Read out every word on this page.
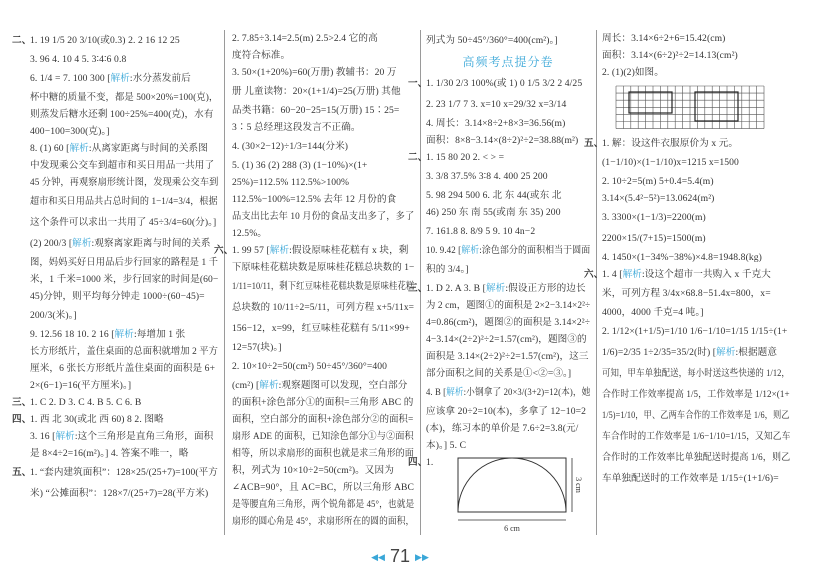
二、1. 19 1/5 20 3/10(或0.3) 2. 2 16 12 25
3. 96 4. 10 4 5. 3∶4∶6 0.8
6. 1/4 = 7. 100 300 [解析:水分蒸发前后
杯中糖的质量不变，都是 500×20%=100(克)，
则蒸发后糖水还剩 100÷25%=400(克)，水有
400−100=300(克)。]
8. (1) 60 [解析:从离家距离与时间的关系图
中发现乘公交车到超市和买日用品一共用了
45 分钟，再观察扇形统计图，发现乘公交车到
超市和买日用品共占总时间的 1−1/4=3/4，根据
这个条件可以求出一共用了 45÷3/4=60(分)。]
(2) 200/3 [解析:观察离家距离与时间的关系
图，妈妈买好日用品后步行回家的路程是 1 千
米，1 千米=1000 米，步行回家的时间是(60−
45)分钟，则平均每分钟走 1000÷(60−45)=
200/3(米)。]
9. 12.56 18 10. 2 16 [解析:每增加 1 张
长方形纸片，盖住桌面的总面积就增加 2 平方
厘米，6 张长方形纸片盖住桌面的面积是 6+
2×(6−1)=16(平方厘米)。]
三、1. C 2. D 3. C 4. B 5. C 6. B
四、1. 西 北 30(或北 西 60) 8 2. 图略
3. 16 [解析:这个三角形是直角三角形，面积
是 8×4÷2=16(m²)。] 4. 答案不唯一，略
五、1. “套内建筑面积”：128×25/(25+7)=100(平方
米) “公摊面积”：128×7/(25+7)=28(平方米)
2. 7.85÷3.14=2.5(m) 2.5>2.4 它的高
度符合标准。
3. 50×(1+20%)=60(万册) 教辅书：20 万
册 儿童读物：20×(1+1/4)=25(万册) 其他
品类书籍：60−20−25=15(万册) 15∶25=
3∶5 总经理这段发言不正确。
4. (30×2−12)÷1/3=144(分米)
5. (1) 36 (2) 288 (3) (1−10%)×(1+
25%)=112.5% 112.5%>100%
112.5%−100%=12.5% 去年 12 月份的食
品支出比去年 10 月份的食品支出多了，多了
12.5%。
六、1. 99 57 [解析:假设原味桂花糕有 x 块，剩
下原味桂花糕块数是原味桂花糕总块数的 1−
1/11=10/11，剩下红豆味桂花糕块数是原味桂花糕
总块数的 10/11÷2=5/11，可列方程 x+5/11x=
156−12，x=99，红豆味桂花糕有 5/11×99+
12=57(块)。]
2. 10×10÷2=50(cm²) 50÷45°/360°=400
(cm²) [解析:观察题图可以发现，空白部分
的面积+涂色部分①的面积=三角形 ABC 的
面积，空白部分的面积+涂色部分②的面积=
扇形 ADE 的面积，已知涂色部分①与②面积
相等，所以求扇形的面积也就是求三角形的面
积，列式为 10×10÷2=50(cm²)。又因为
∠ACB=90°，且 AC=BC，所以三角形 ABC
是等腰直角三角形，两个锐角都是 45°，也就是
扇形的圆心角是 45°，求扇形所在的圆的面积，
列式为 50÷45°/360°=400(cm²)。]
高频考点提分卷
一、1. 1/30 2/3 100%(或 1) 0 1/5 3/2 2 4/25
2. 23 1/7 7 3. x=10 x=29/32 x=3/14
4. 周长：3.14×8÷2+8×3=36.56(m)
面积：8×8−3.14×(8÷2)²÷2=38.88(m²)
二、1. 15 80 20 2. < > =
3. 3/8 37.5% 3∶8 4. 400 25 200
5. 98 294 500 6. 北 东 44(或东 北
46) 250 东 南 55(或南 东 35) 200
7. 161.8 8. 8/9 5 9. 10 4n−2
10. 9.42 [解析:涂色部分的面积相当于圆面
积的 3/4。]
三、1. D 2. A 3. B [解析:假设正方形的边长
为 2 cm，题图①的面积是 2×2−3.14×2²÷
4=0.86(cm²)，题图②的面积是 3.14×2²÷
4−3.14×(2÷2)²÷2=1.57(cm²)，题图③的
面积是 3.14×(2÷2)²÷2=1.57(cm²)，这三
部分面积之间的关系是①<②=③。]
4. B [解析:小钢拿了 20×3/(3+2)=12(本)，她
应该拿 20÷2=10(本)，多拿了 12−10=2
(本)，练习本的单价是 7.6÷2=3.8(元/
本)。] 5. C
四、1.
周长：3.14×6÷2+6=15.42(cm)
面积：3.14×(6÷2)²÷2=14.13(cm²)
2. (1)(2)如图。
五、1. 解：设这件衣服原价为 x 元。
(1−1/10)×(1−1/10)x=1215 x=1500
2. 10÷2=5(m) 5+0.4=5.4(m)
3.14×(5.4²−5²)=13.0624(m²)
3. 3300×(1−1/3)=2200(m)
2200×15/(7+15)=1500(m)
4. 1450×(1−34%−38%)×4.8=1948.8(kg)
六、1. 4 [解析:设这个超市一共购入 x 千克大
米，可列方程 3/4x×68.8−51.4x=800，x=
4000，4000 千克=4 吨。]
2. 1/12×(1+1/5)=1/10 1/6−1/10=1/15 1/15÷(1+
1/6)=2/35 1÷2/35=35/2(时) [解析:根据题意
可知，甲车单独配送，每小时送这些快递的 1/12，
合作时工作效率提高 1/5，工作效率是 1/12×(1+
1/5)=1/10，甲、乙两车合作的工作效率是 1/6，则乙
车合作时的工作效率是 1/6−1/10=1/15，又知乙车
合作时的工作效率比单独配送时提高 1/6，则乙
车单独配送时的工作效率是 1/15÷(1+1/6)=
6 cm
3 cm
◀◀ 71 ▶▶
